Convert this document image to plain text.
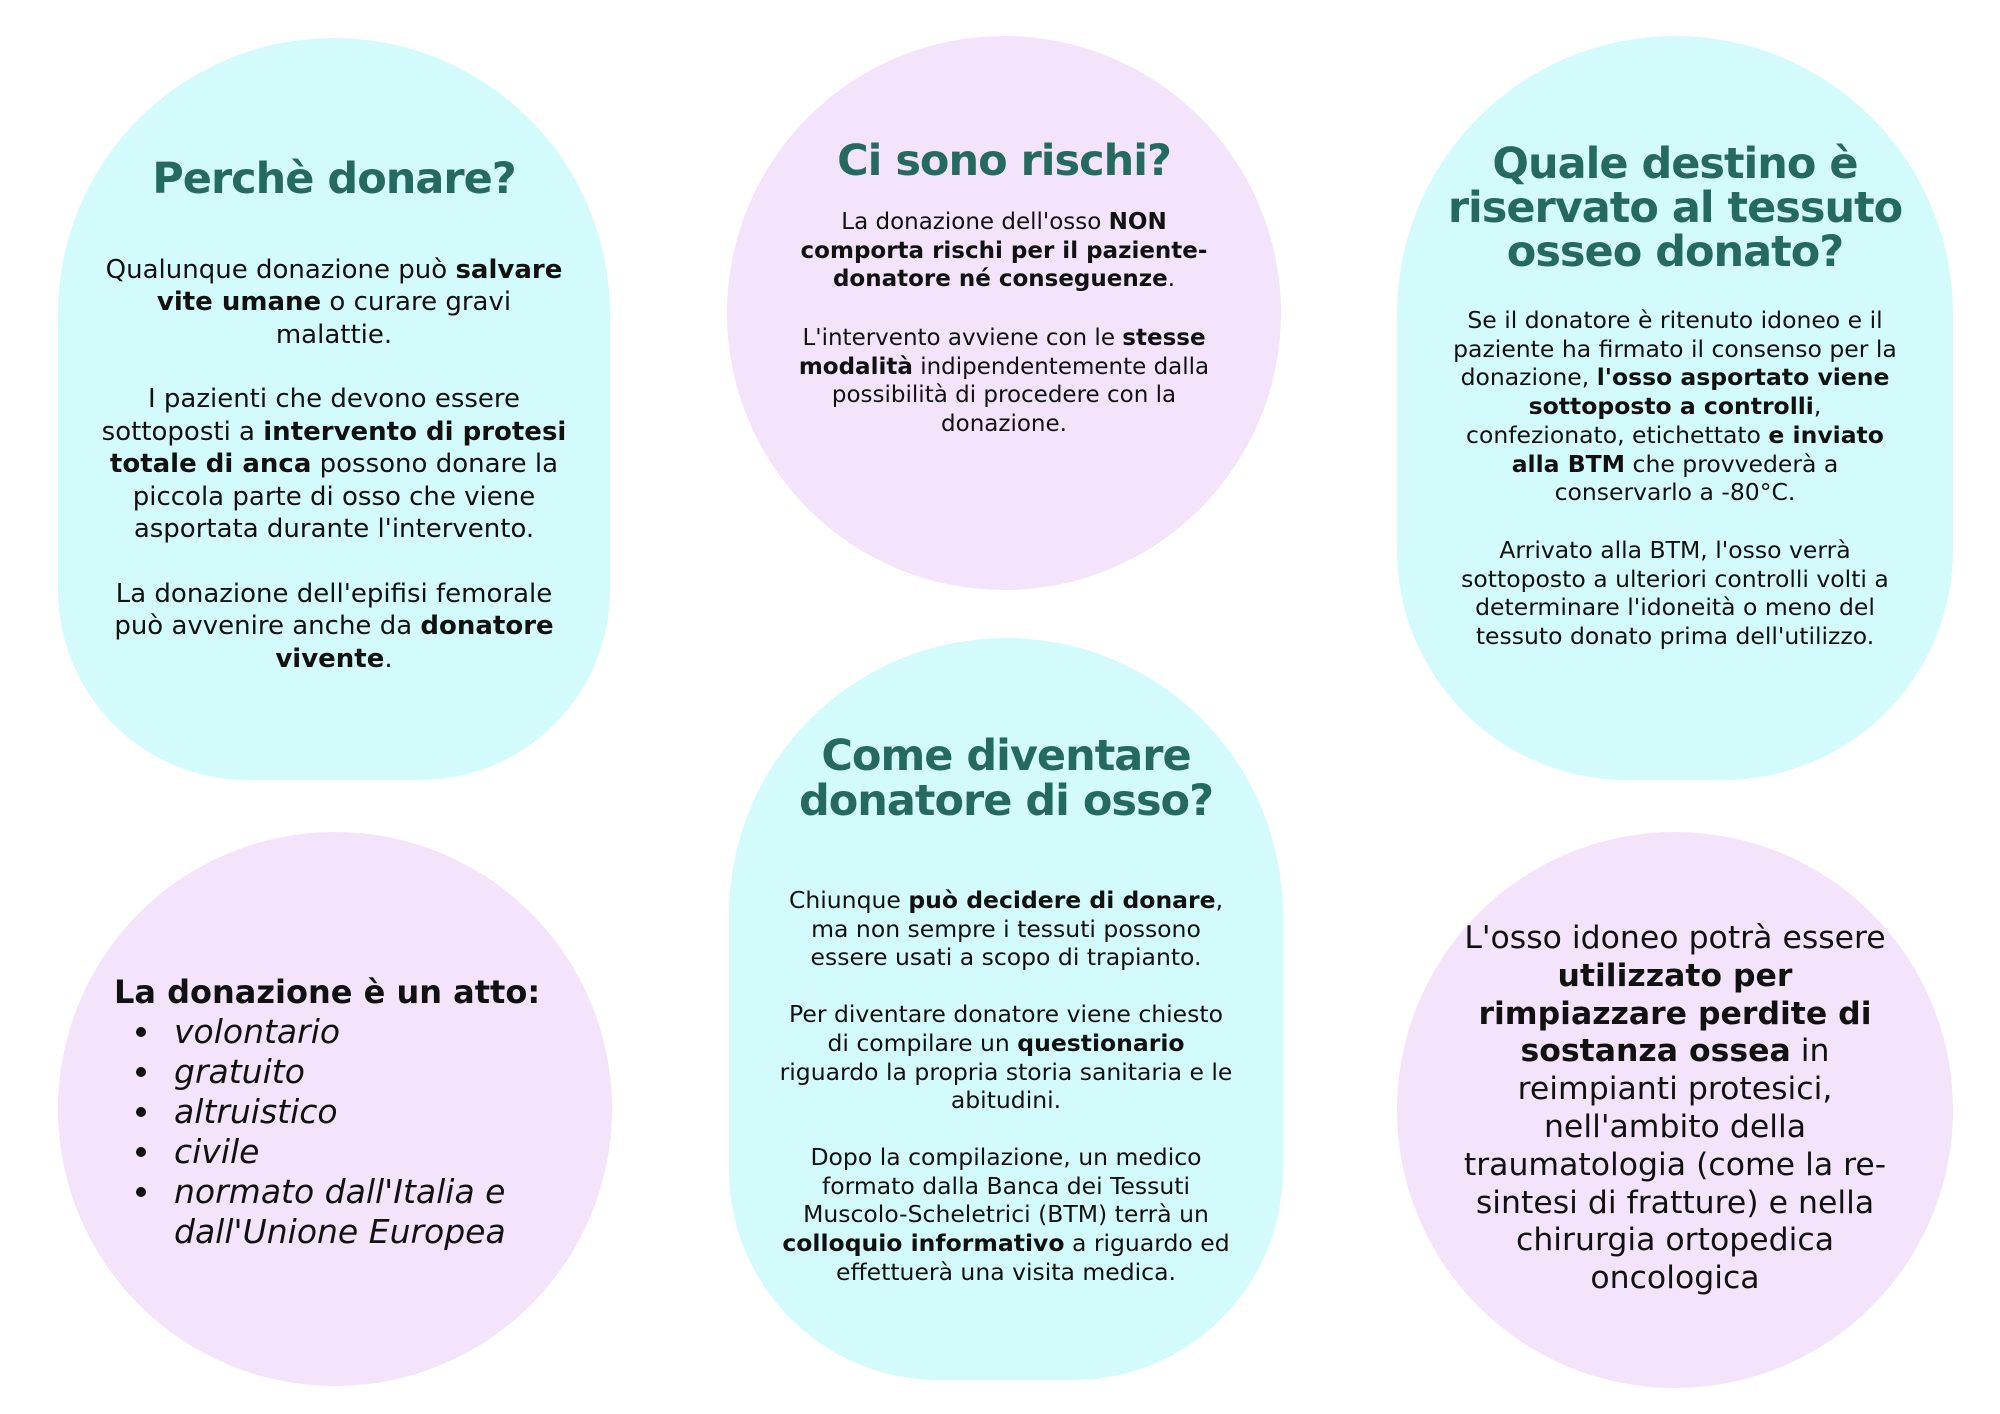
Perchè donare?

Qualunque donazione può salvare vite umane o curare gravi malattie.

I pazienti che devono essere sottoposti a intervento di protesi totale di anca possono donare la piccola parte di osso che viene asportata durante l'intervento.

La donazione dell'epifisi femorale può avvenire anche da donatore vivente.

Ci sono rischi?

La donazione dell'osso NON comporta rischi per il paziente-donatore né conseguenze.

L'intervento avviene con le stesse modalità indipendentemente dalla possibilità di procedere con la donazione.

Quale destino è riservato al tessuto osseo donato?

Se il donatore è ritenuto idoneo e il paziente ha firmato il consenso per la donazione, l'osso asportato viene sottoposto a controlli, confezionato, etichettato e inviato alla BTM che provvederà a conservarlo a -80°C.

Arrivato alla BTM, l'osso verrà sottoposto a ulteriori controlli volti a determinare l'idoneità o meno del tessuto donato prima dell'utilizzo.

La donazione è un atto:

volontario
gratuito
altruistico
civile
normato dall'Italia e dall'Unione Europea
Come diventare donatore di osso?

Chiunque può decidere di donare, ma non sempre i tessuti possono essere usati a scopo di trapianto.

Per diventare donatore viene chiesto di compilare un questionario riguardo la propria storia sanitaria e le abitudini.

Dopo la compilazione, un medico formato dalla Banca dei Tessuti Muscolo-Scheletrici (BTM) terrà un colloquio informativo a riguardo ed effettuerà una visita medica.

L'osso idoneo potrà essere utilizzato per rimpiazzare perdite di sostanza ossea in reimpianti protesici, nell'ambito della traumatologia (come la re-sintesi di fratture) e nella chirurgia ortopedica oncologica
